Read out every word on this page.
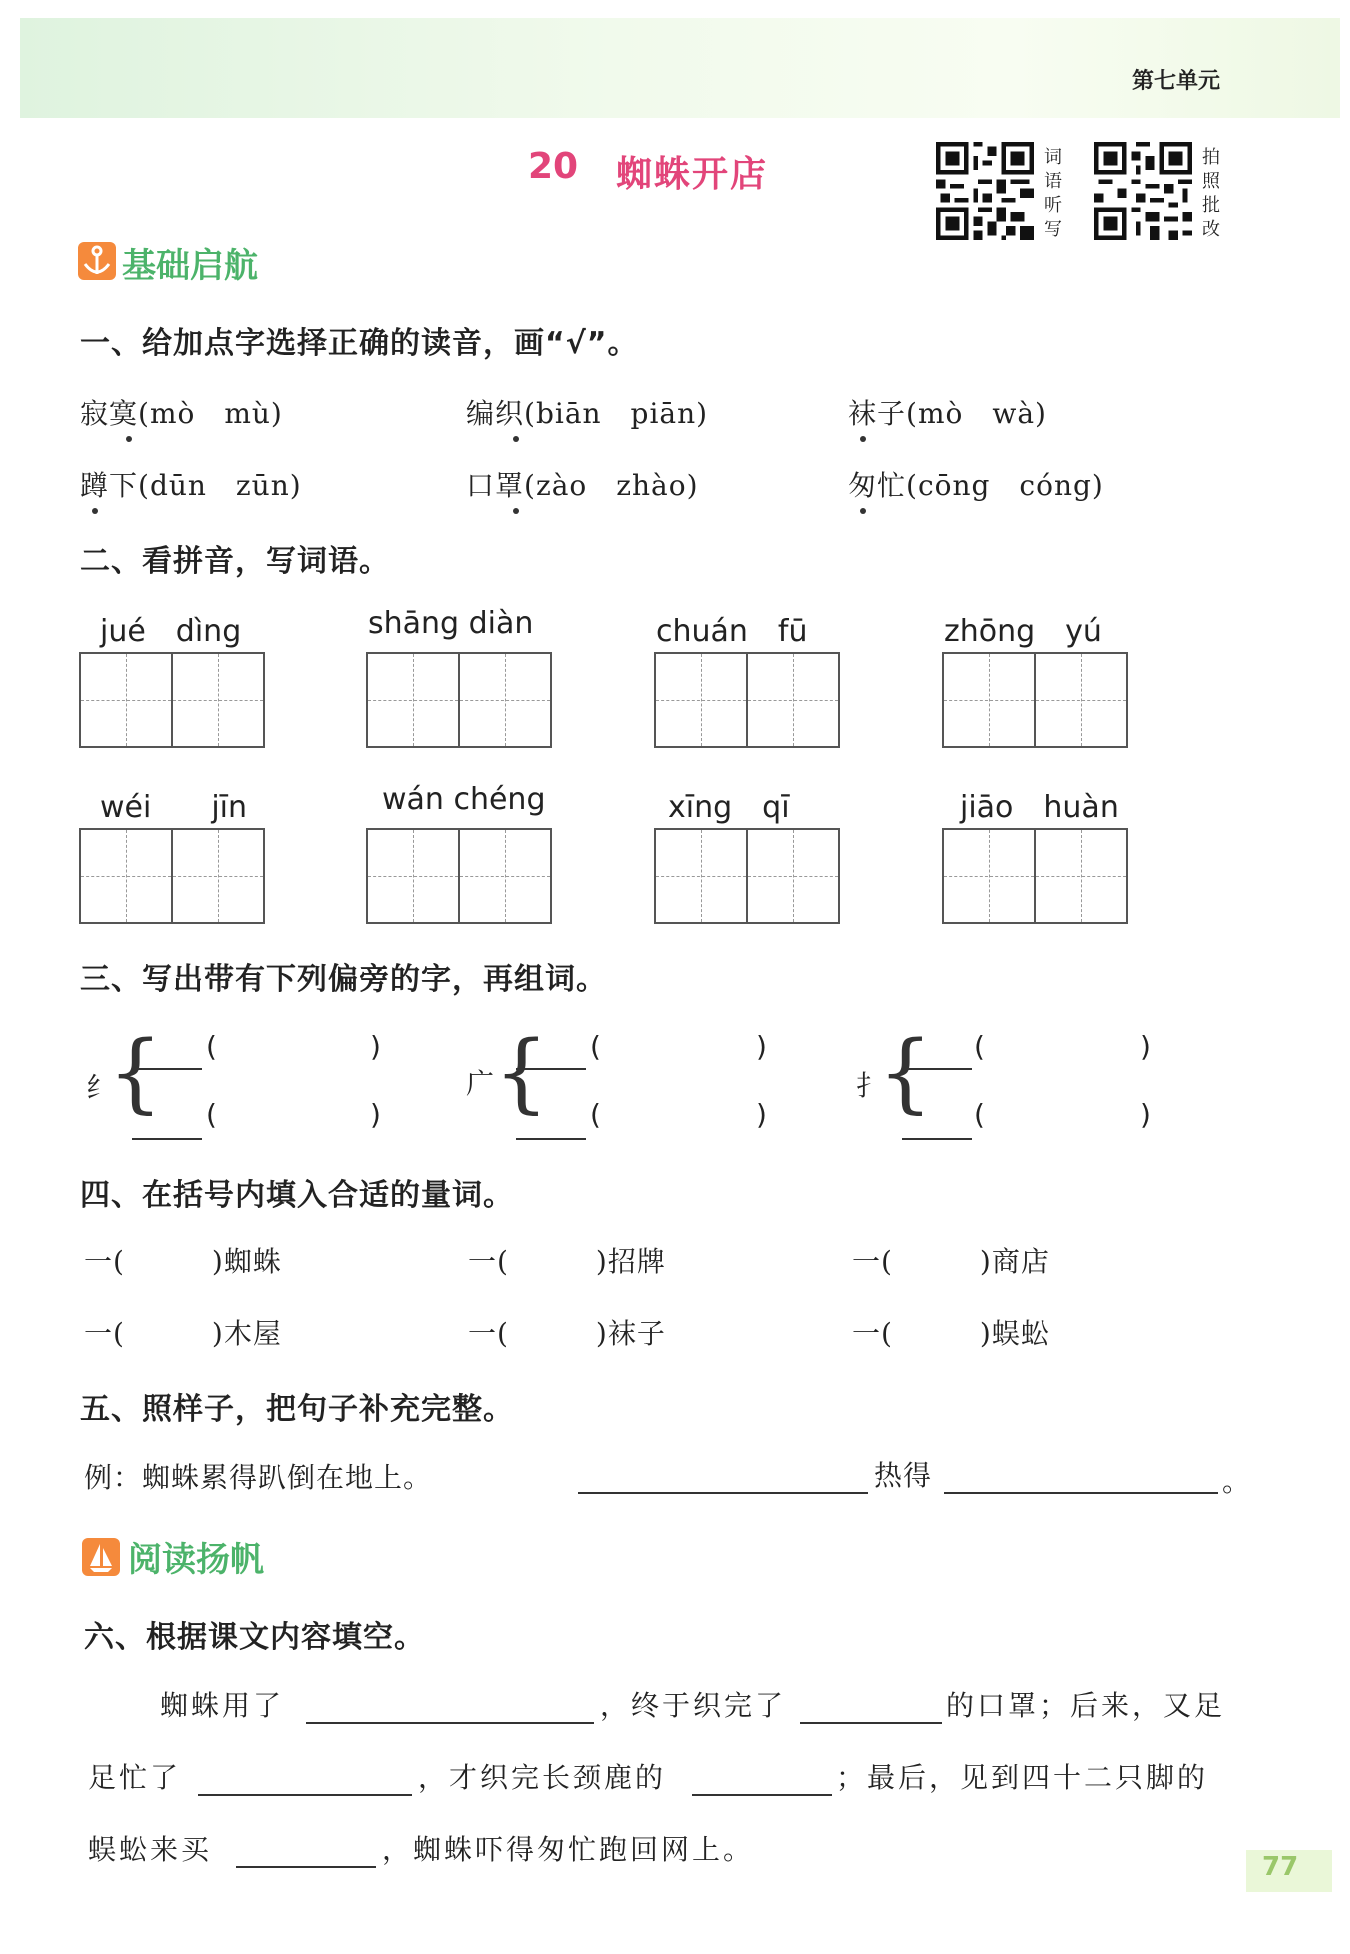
第七单元
20 蜘蛛开店	词
语
听
写
拍
照
批
改
基础启航
一、给加点字选择正确的读音，画“√”。
寂寞(mò　mù)	编织(biān　piān)	袜子(mò　wà)
蹲下(dūn　zūn)	口罩(zào　zhào)	匆忙(cōng　cóng)
二、看拼音，写词语。
jué　dìng	shāng diàn	chuán　fū	zhōng　yú
wéi　　jīn	wán chéng	xīng　qī	jiāo　huàn
三、写出带有下列偏旁的字，再组词。
纟
{ (	)
(	)
广
{ (	)
(	)
扌
{ (	)
(	)
四、在括号内填入合适的量词。
一(　　　)蜘蛛	一(　　　)招牌	一(　　　)商店
一(　　　)木屋	一(　　　)袜子	一(　　　)蜈蚣
五、照样子，把句子补充完整。
例：蜘蛛累得趴倒在地上。	热得	。
阅读扬帆
六、根据课文内容填空。
蜘蛛用了	，终于织完了	的口罩；后来，又足
足忙了	，才织完长颈鹿的	；最后，见到四十二只脚的
蜈蚣来买	，蜘蛛吓得匆忙跑回网上。
77
